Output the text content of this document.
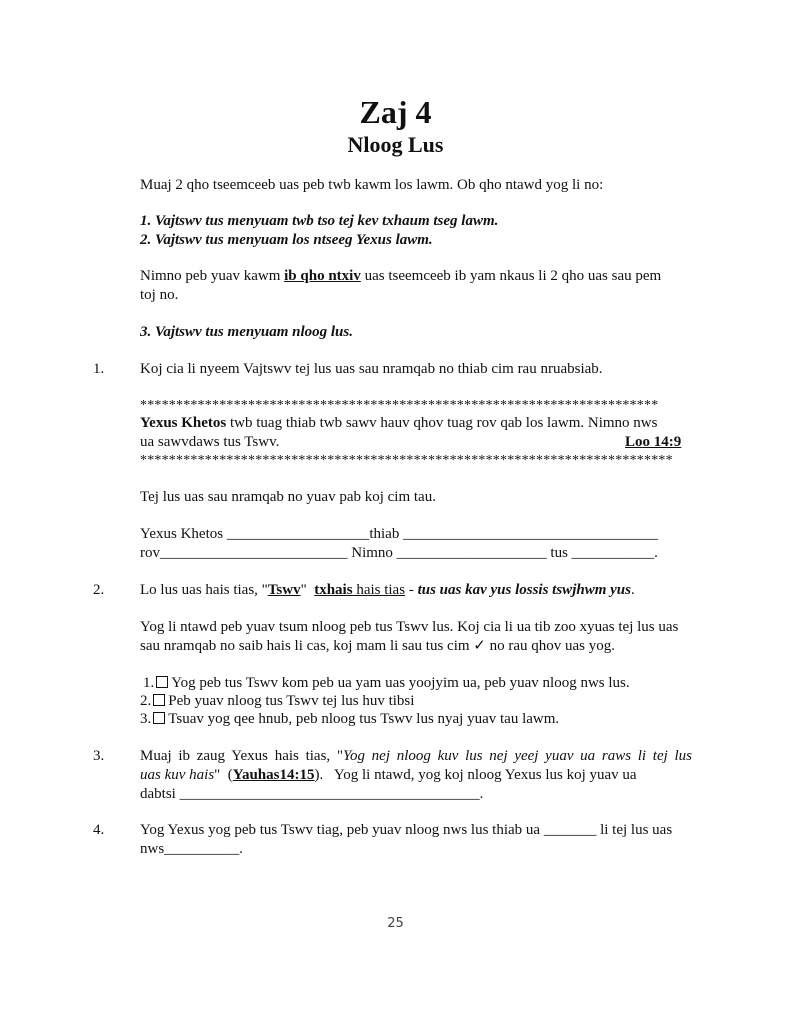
Zaj 4
Nloog Lus
Muaj 2 qho tseemceeb uas peb twb kawm los lawm. Ob qho ntawd yog li no:
1. Vajtswv tus menyuam twb tso tej kev txhaum tseg lawm.
2. Vajtswv tus menyuam los ntseeg Yexus lawm.
Nimno peb yuav kawm ib qho ntxiv uas tseemceeb ib yam nkaus li 2 qho uas sau pem
toj no.
3. Vajtswv tus menyuam nloog lus.
1. Koj cia li nyeem Vajtswv tej lus uas sau nramqab no thiab cim rau nruabsiab.
************************************************************************
Yexus Khetos twb tuag thiab twb sawv hauv qhov tuag rov qab los lawm. Nimno nws
ua sawvdaws tus Tswv.	Loo 14:9
**************************************************************************
Tej lus uas sau nramqab no yuav pab koj cim tau.
Yexus Khetos ___________________thiab __________________________________
rov_________________________ Nimno ____________________ tus ___________.
2. Lo lus uas hais tias, "Tswv"  txhais hais tias - tus uas kav yus lossis tswjhwm yus.
Yog li ntawd peb yuav tsum nloog peb tus Tswv lus. Koj cia li ua tib zoo xyuas tej lus uas
sau nramqab no saib hais li cas, koj mam li sau tus cim ✓ no rau qhov uas yog.
1. Yog peb tus Tswv kom peb ua yam uas yoojyim ua, peb yuav nloog nws lus.
2. Peb yuav nloog tus Tswv tej lus huv tibsi
3. Tsuav yog qee hnub, peb nloog tus Tswv lus nyaj yuav tau lawm.
3. Muaj ib zaug Yexus hais tias, "Yog nej nloog kuv lus nej yeej yuav ua raws li tej lus
uas kuv hais"  (Yauhas14:15).   Yog li ntawd, yog koj nloog Yexus lus koj yuav ua
dabtsi ________________________________________.
4. Yog Yexus yog peb tus Tswv tiag, peb yuav nloog nws lus thiab ua _______ li tej lus uas
nws__________.
25
